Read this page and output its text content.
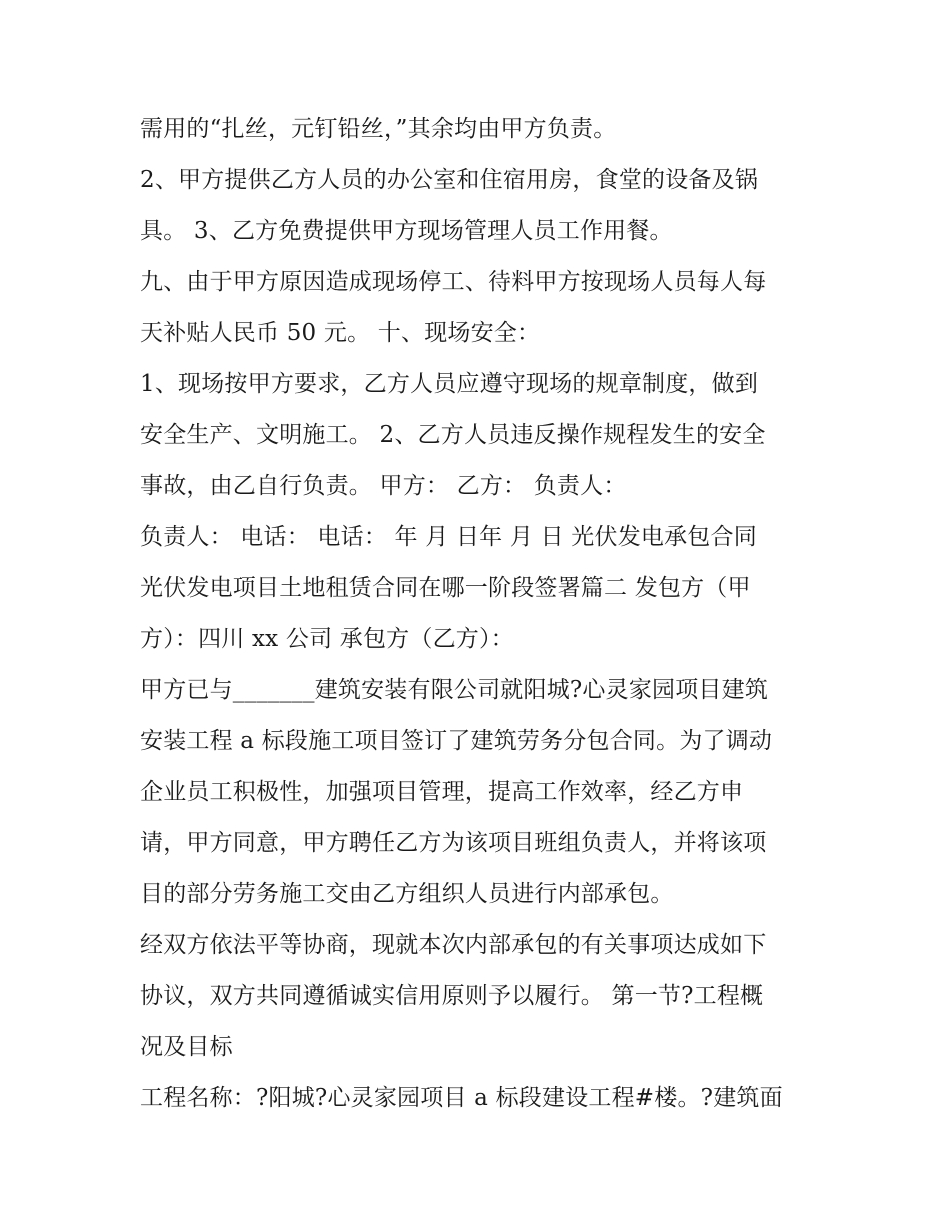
需用的“扎丝，元钉铅丝，”其余均由甲方负责。
2、甲方提供乙方人员的办公室和住宿用房，食堂的设备及锅
具。 3、乙方免费提供甲方现场管理人员工作用餐。
九、由于甲方原因造成现场停工、待料甲方按现场人员每人每
天补贴人民币 50 元。 十、现场安全：
1、现场按甲方要求，乙方人员应遵守现场的规章制度，做到
安全生产、文明施工。 2、乙方人员违反操作规程发生的安全
事故，由乙自行负责。 甲方： 乙方： 负责人：
负责人： 电话： 电话： 年 月 日年 月 日 光伏发电承包合同
光伏发电项目土地租赁合同在哪一阶段签署篇二 发包方（甲
方）：四川 xx 公司 承包方（乙方）：
甲方已与_______建筑安装有限公司就阳城?心灵家园项目建筑
安装工程 a 标段施工项目签订了建筑劳务分包合同。为了调动
企业员工积极性，加强项目管理，提高工作效率，经乙方申
请，甲方同意，甲方聘任乙方为该项目班组负责人，并将该项
目的部分劳务施工交由乙方组织人员进行内部承包。
经双方依法平等协商，现就本次内部承包的有关事项达成如下
协议，双方共同遵循诚实信用原则予以履行。 第一节?工程概
况及目标
工程名称：?阳城?心灵家园项目 a 标段建设工程#楼。?建筑面
